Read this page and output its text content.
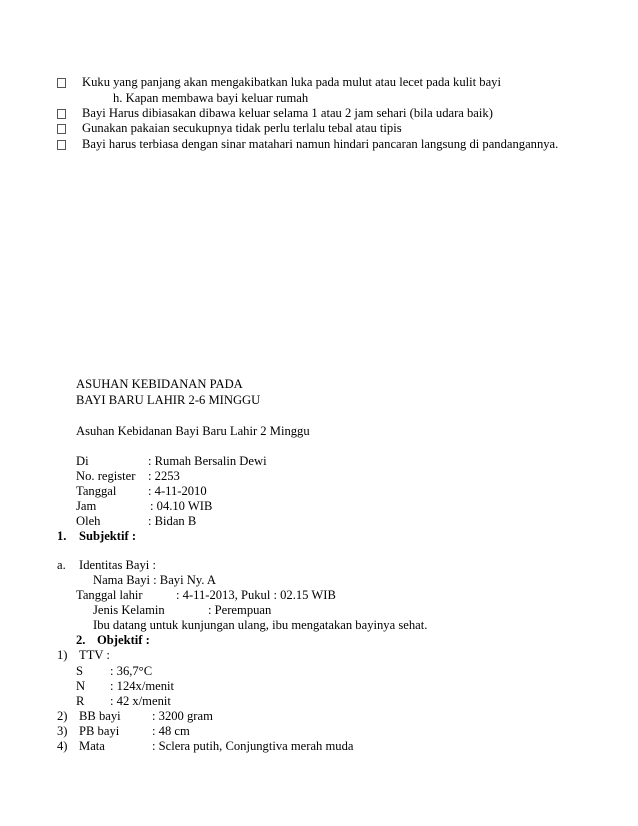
Kuku yang panjang akan mengakibatkan luka pada mulut atau lecet pada kulit bayi
h. Kapan membawa bayi keluar rumah
Bayi Harus dibiasakan dibawa keluar selama 1 atau 2 jam sehari (bila udara baik)
Gunakan pakaian secukupnya tidak perlu terlalu tebal atau tipis
Bayi harus terbiasa dengan sinar matahari namun hindari pancaran langsung di pandangannya.
ASUHAN KEBIDANAN PADA
BAYI BARU LAHIR 2-6 MINGGU
Asuhan Kebidanan Bayi Baru Lahir 2 Minggu
Di	: Rumah Bersalin Dewi
No. register : 2253
Tanggal	: 4-11-2010
Jam	: 04.10 WIB
Oleh	: Bidan B
1. Subjektif :
a. Identitas Bayi :
Nama Bayi : Bayi Ny. A
Tanggal lahir	: 4-11-2013, Pukul : 02.15 WIB
Jenis Kelamin	: Perempuan
Ibu datang untuk kunjungan ulang, ibu mengatakan bayinya sehat.
2. Objektif :
1) TTV :
S : 36,7°C
N : 124x/menit
R : 42 x/menit
2) BB bayi : 3200 gram
3) PB bayi	: 48 cm
4) Mata	: Sclera putih, Conjungtiva merah muda
